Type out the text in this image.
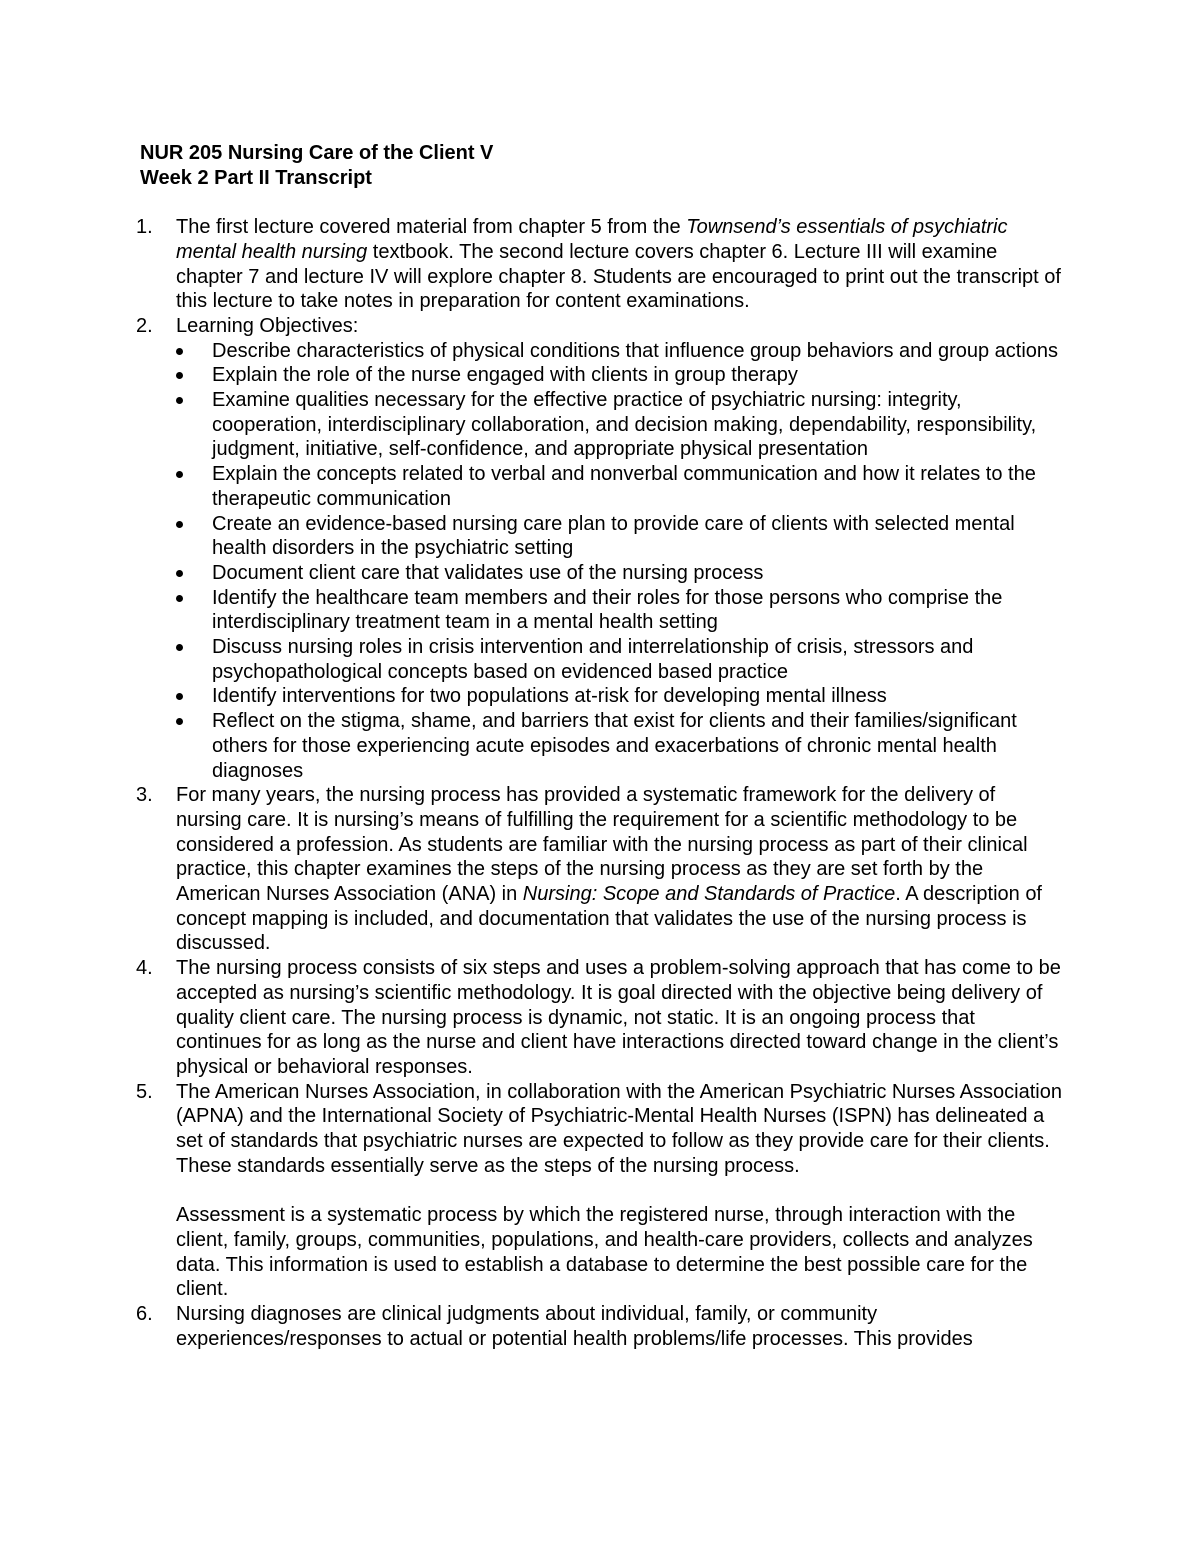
NUR 205 Nursing Care of the Client V
Week 2 Part II Transcript
1.	The first lecture covered material from chapter 5 from the Townsend’s essentials of psychiatric mental health nursing textbook. The second lecture covers chapter 6. Lecture III will examine chapter 7 and lecture IV will explore chapter 8. Students are encouraged to print out the transcript of this lecture to take notes in preparation for content examinations.
2.	Learning Objectives:
Describe characteristics of physical conditions that influence group behaviors and group actions
Explain the role of the nurse engaged with clients in group therapy
Examine qualities necessary for the effective practice of psychiatric nursing: integrity, cooperation, interdisciplinary collaboration, and decision making, dependability, responsibility, judgment, initiative, self-confidence, and appropriate physical presentation
Explain the concepts related to verbal and nonverbal communication and how it relates to the therapeutic communication
Create an evidence-based nursing care plan to provide care of clients with selected mental health disorders in the psychiatric setting
Document client care that validates use of the nursing process
Identify the healthcare team members and their roles for those persons who comprise the interdisciplinary treatment team in a mental health setting
Discuss nursing roles in crisis intervention and interrelationship of crisis, stressors and psychopathological concepts based on evidenced based practice
Identify interventions for two populations at-risk for developing mental illness
Reflect on the stigma, shame, and barriers that exist for clients and their families/significant others for those experiencing acute episodes and exacerbations of chronic mental health diagnoses
3.	For many years, the nursing process has provided a systematic framework for the delivery of nursing care. It is nursing’s means of fulfilling the requirement for a scientific methodology to be considered a profession. As students are familiar with the nursing process as part of their clinical practice, this chapter examines the steps of the nursing process as they are set forth by the American Nurses Association (ANA) in Nursing: Scope and Standards of Practice. A description of concept mapping is included, and documentation that validates the use of the nursing process is discussed.
4.	The nursing process consists of six steps and uses a problem-solving approach that has come to be accepted as nursing’s scientific methodology. It is goal directed with the objective being delivery of quality client care. The nursing process is dynamic, not static. It is an ongoing process that continues for as long as the nurse and client have interactions directed toward change in the client’s physical or behavioral responses.
5.	The American Nurses Association, in collaboration with the American Psychiatric Nurses Association (APNA) and the International Society of Psychiatric-Mental Health Nurses (ISPN) has delineated a set of standards that psychiatric nurses are expected to follow as they provide care for their clients. These standards essentially serve as the steps of the nursing process.
Assessment is a systematic process by which the registered nurse, through interaction with the client, family, groups, communities, populations, and health-care providers, collects and analyzes data. This information is used to establish a database to determine the best possible care for the client.
6.	Nursing diagnoses are clinical judgments about individual, family, or community experiences/responses to actual or potential health problems/life processes. This provides
